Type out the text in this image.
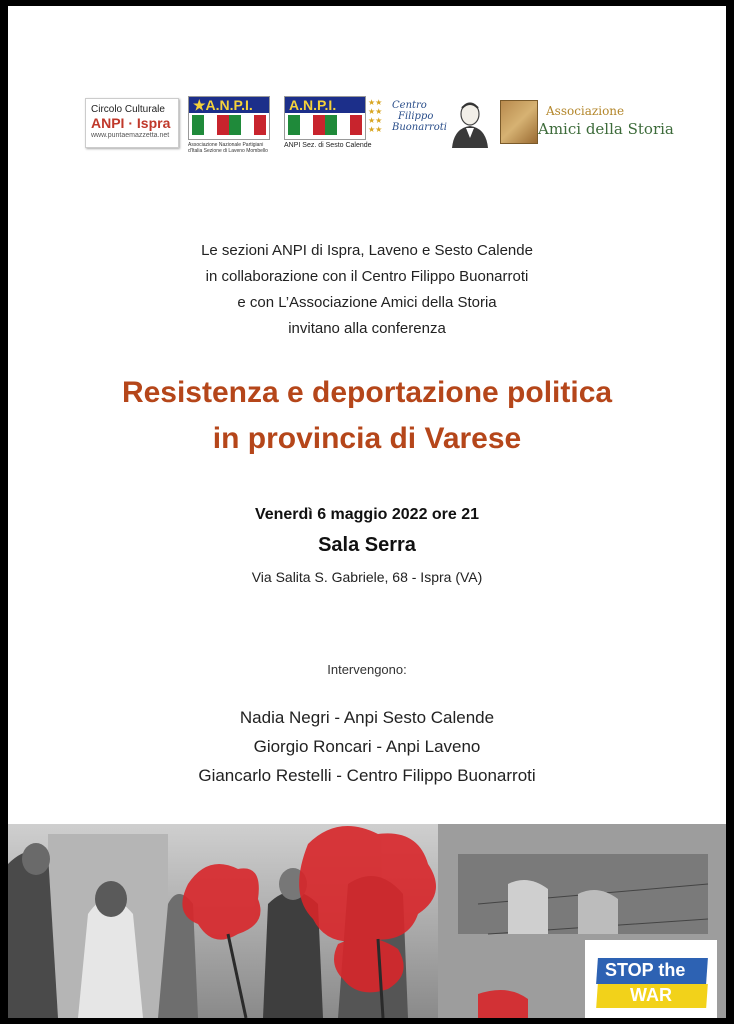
Circolo Culturale
ANPI · Ispra
www.puntaemazzetta.net
★A.N.P.I.
Associazione Nazionale Partigiani d'Italia Sezione di Laveno Mombello
A.N.P.I.	★★
★★
★★
★★
ANPI Sez. di Sesto Calende
Centro
Filippo
Buonarroti
Associazione
Amici della Storia
Le sezioni ANPI di Ispra, Laveno e Sesto Calende
in collaborazione con il Centro Filippo Buonarroti
e con L’Associazione Amici della Storia
invitano alla conferenza
Resistenza e deportazione politica
in provincia di Varese
Venerdì 6 maggio 2022 ore 21
Sala Serra
Via Salita S. Gabriele, 68 - Ispra (VA)
Intervengono:
Nadia Negri - Anpi Sesto Calende
Giorgio Roncari - Anpi Laveno
Giancarlo Restelli - Centro Filippo Buonarroti
STOP the
WAR
